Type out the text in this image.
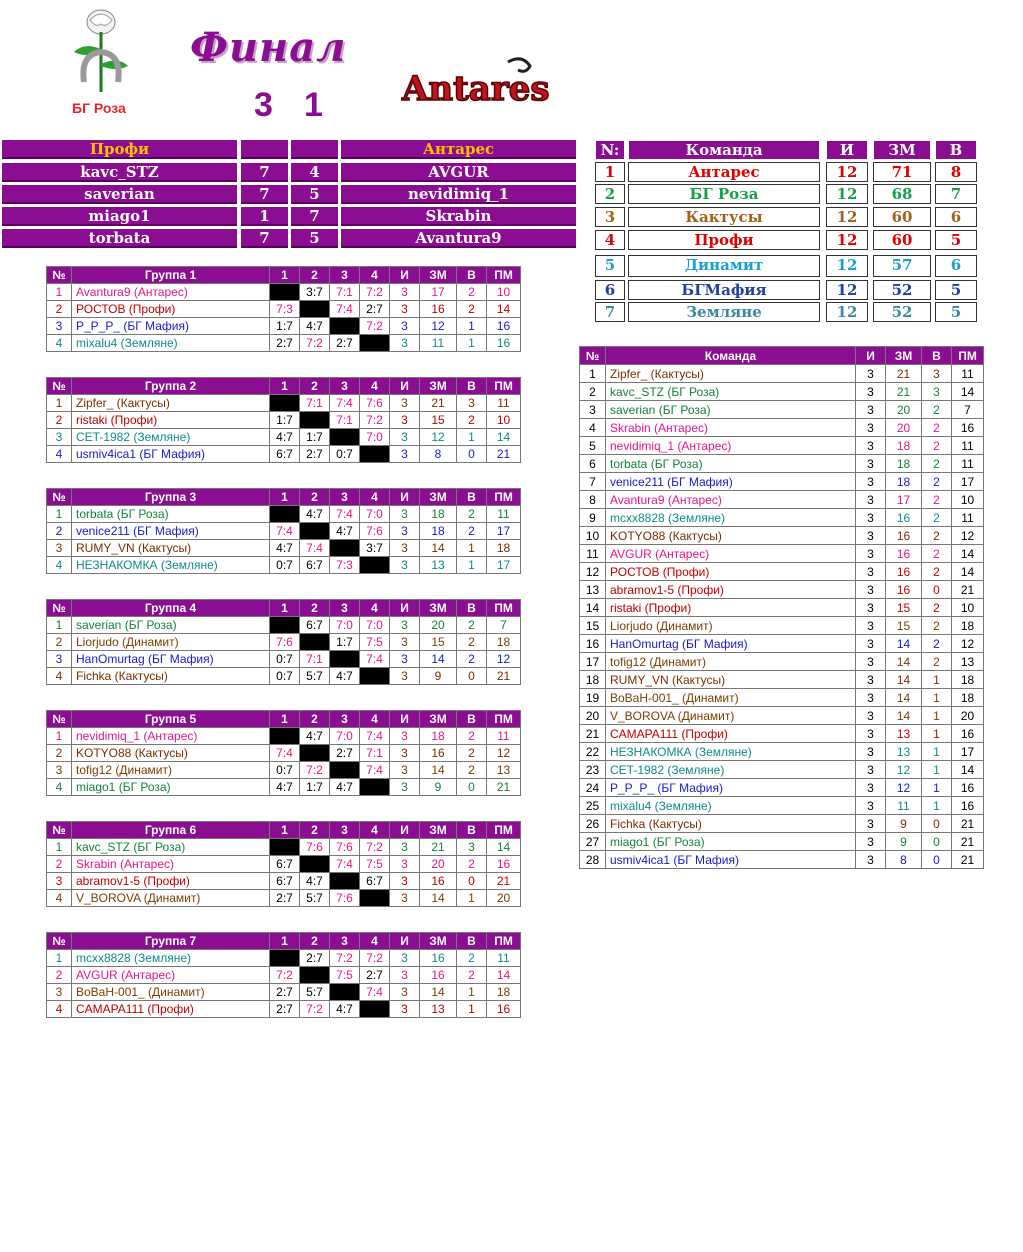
БГ Роза
Финал
3 1 Antares
Профи	Антарес
kavc_STZ	7	4	AVGUR
saverian	7	5	nevidimiq_1
miago1	1	7	Skrabin
torbata	7	5	Avantura9
N:	Команда	И	ЗМ	В
1	Антарес	12	71	8
2	БГ Роза	12	68	7
3	Кактусы	12	60	6
4	Профи	12	60	5
5	Динамит	12	57	6
6	БГМафия	12	52	5
7	Земляне	12	52	5
№	Группа 1	1	2	3	4	И	ЗМ	В	ПМ
1	Avantura9 (Антарес)		3:7	7:1	7:2	3	17	2	10
2	РОСТОВ (Профи)	7:3		7:4	2:7	3	16	2	14
3	P_P_P_ (БГ Мафия)	1:7	4:7		7:2	3	12	1	16
4	mixalu4 (Земляне)	2:7	7:2	2:7		3	11	1	16
№	Группа 2	1	2	3	4	И	ЗМ	В	ПМ
1	Zipfer_ (Кактусы)		7:1	7:4	7:6	3	21	3	11
2	ristaki (Профи)	1:7		7:1	7:2	3	15	2	10
3	CET-1982 (Земляне)	4:7	1:7		7:0	3	12	1	14
4	usmiv4ica1 (БГ Мафия)	6:7	2:7	0:7		3	8	0	21
№	Группа 3	1	2	3	4	И	ЗМ	В	ПМ
1	torbata (БГ Роза)		4:7	7:4	7:0	3	18	2	11
2	venice211 (БГ Мафия)	7:4		4:7	7:6	3	18	2	17
3	RUMY_VN (Кактусы)	4:7	7:4		3:7	3	14	1	18
4	НЕЗНАКОМКА (Земляне)	0:7	6:7	7:3		3	13	1	17
№	Группа 4	1	2	3	4	И	ЗМ	В	ПМ
1	saverian (БГ Роза)		6:7	7:0	7:0	3	20	2	7
2	Liorjudo (Динамит)	7:6		1:7	7:5	3	15	2	18
3	HanOmurtag (БГ Мафия)	0:7	7:1		7:4	3	14	2	12
4	Fichka (Кактусы)	0:7	5:7	4:7		3	9	0	21
№	Группа 5	1	2	3	4	И	ЗМ	В	ПМ
1	nevidimiq_1 (Антарес)		4:7	7:0	7:4	3	18	2	11
2	KOTYO88 (Кактусы)	7:4		2:7	7:1	3	16	2	12
3	tofig12 (Динамит)	0:7	7:2		7:4	3	14	2	13
4	miago1 (БГ Роза)	4:7	1:7	4:7		3	9	0	21
№	Группа 6	1	2	3	4	И	ЗМ	В	ПМ
1	kavc_STZ (БГ Роза)		7:6	7:6	7:2	3	21	3	14
2	Skrabin (Антарес)	6:7		7:4	7:5	3	20	2	16
3	abramov1-5 (Профи)	6:7	4:7		6:7	3	16	0	21
4	V_BOROVA (Динамит)	2:7	5:7	7:6		3	14	1	20
№	Группа 7	1	2	3	4	И	ЗМ	В	ПМ
1	mcxx8828 (Земляне)		2:7	7:2	7:2	3	16	2	11
2	AVGUR (Антарес)	7:2		7:5	2:7	3	16	2	14
3	BoBaH-001_ (Динамит)	2:7	5:7		7:4	3	14	1	18
4	CAMAPA111 (Профи)	2:7	7:2	4:7		3	13	1	16
№	Команда	И	ЗМ	В	ПМ
1	Zipfer_ (Кактусы)	3	21	3	11
2	kavc_STZ (БГ Роза)	3	21	3	14
3	saverian (БГ Роза)	3	20	2	7
4	Skrabin (Антарес)	3	20	2	16
5	nevidimiq_1 (Антарес)	3	18	2	11
6	torbata (БГ Роза)	3	18	2	11
7	venice211 (БГ Мафия)	3	18	2	17
8	Avantura9 (Антарес)	3	17	2	10
9	mcxx8828 (Земляне)	3	16	2	11
10	KOTYO88 (Кактусы)	3	16	2	12
11	AVGUR (Антарес)	3	16	2	14
12	РОСТОВ (Профи)	3	16	2	14
13	abramov1-5 (Профи)	3	16	0	21
14	ristaki (Профи)	3	15	2	10
15	Liorjudo (Динамит)	3	15	2	18
16	HanOmurtag (БГ Мафия)	3	14	2	12
17	tofig12 (Динамит)	3	14	2	13
18	RUMY_VN (Кактусы)	3	14	1	18
19	BoBaH-001_ (Динамит)	3	14	1	18
20	V_BOROVA (Динамит)	3	14	1	20
21	CAMAPA111 (Профи)	3	13	1	16
22	НЕЗНАКОМКА (Земляне)	3	13	1	17
23	CET-1982 (Земляне)	3	12	1	14
24	P_P_P_ (БГ Мафия)	3	12	1	16
25	mixalu4 (Земляне)	3	11	1	16
26	Fichka (Кактусы)	3	9	0	21
27	miago1 (БГ Роза)	3	9	0	21
28	usmiv4ica1 (БГ Мафия)	3	8	0	21
